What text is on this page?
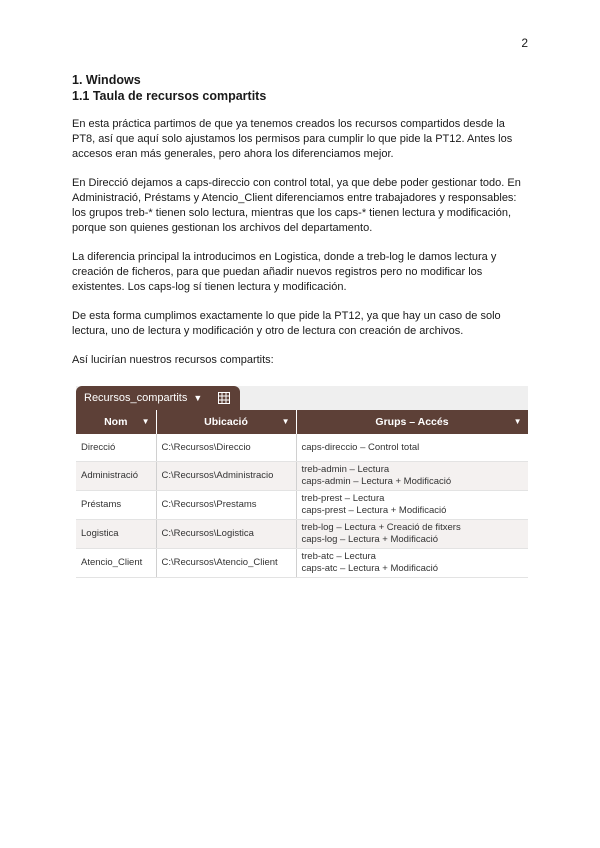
2
1. Windows
1.1 Taula de recursos compartits

En esta práctica partimos de que ya tenemos creados los recursos compartidos desde la PT8, así que aquí solo ajustamos los permisos para cumplir lo que pide la PT12. Antes los accesos eran más generales, pero ahora los diferenciamos mejor.

En Direcció dejamos a caps-direccio con control total, ya que debe poder gestionar todo. En Administració, Préstams y Atencio_Client diferenciamos entre trabajadores y responsables: los grupos treb-* tienen solo lectura, mientras que los caps-* tienen lectura y modificación, porque son quienes gestionan los archivos del departamento.

La diferencia principal la introducimos en Logistica, donde a treb-log le damos lectura y creación de ficheros, para que puedan añadir nuevos registros pero no modificar los existentes. Los caps-log sí tienen lectura y modificación.

De esta forma cumplimos exactamente lo que pide la PT12, ya que hay un caso de solo lectura, uno de lectura y modificación y otro de lectura con creación de archivos.

Así lucirían nuestros recursos compartits:

Recursos_compartits ▼
Nom ▼	Ubicació ▼	Grups – Accés ▼

Direcció	C:\Recursos\Direccio	caps-direccio – Control total

Administració	C:\Recursos\Administracio	treb-admin – Lectura
caps-admin – Lectura + Modificació

Préstams	C:\Recursos\Prestams	treb-prest – Lectura
caps-prest – Lectura + Modificació

Logistica	C:\Recursos\Logistica	treb-log – Lectura + Creació de fitxers
caps-log – Lectura + Modificació

Atencio_Client	C:\Recursos\Atencio_Client	treb-atc – Lectura
caps-atc – Lectura + Modificació
